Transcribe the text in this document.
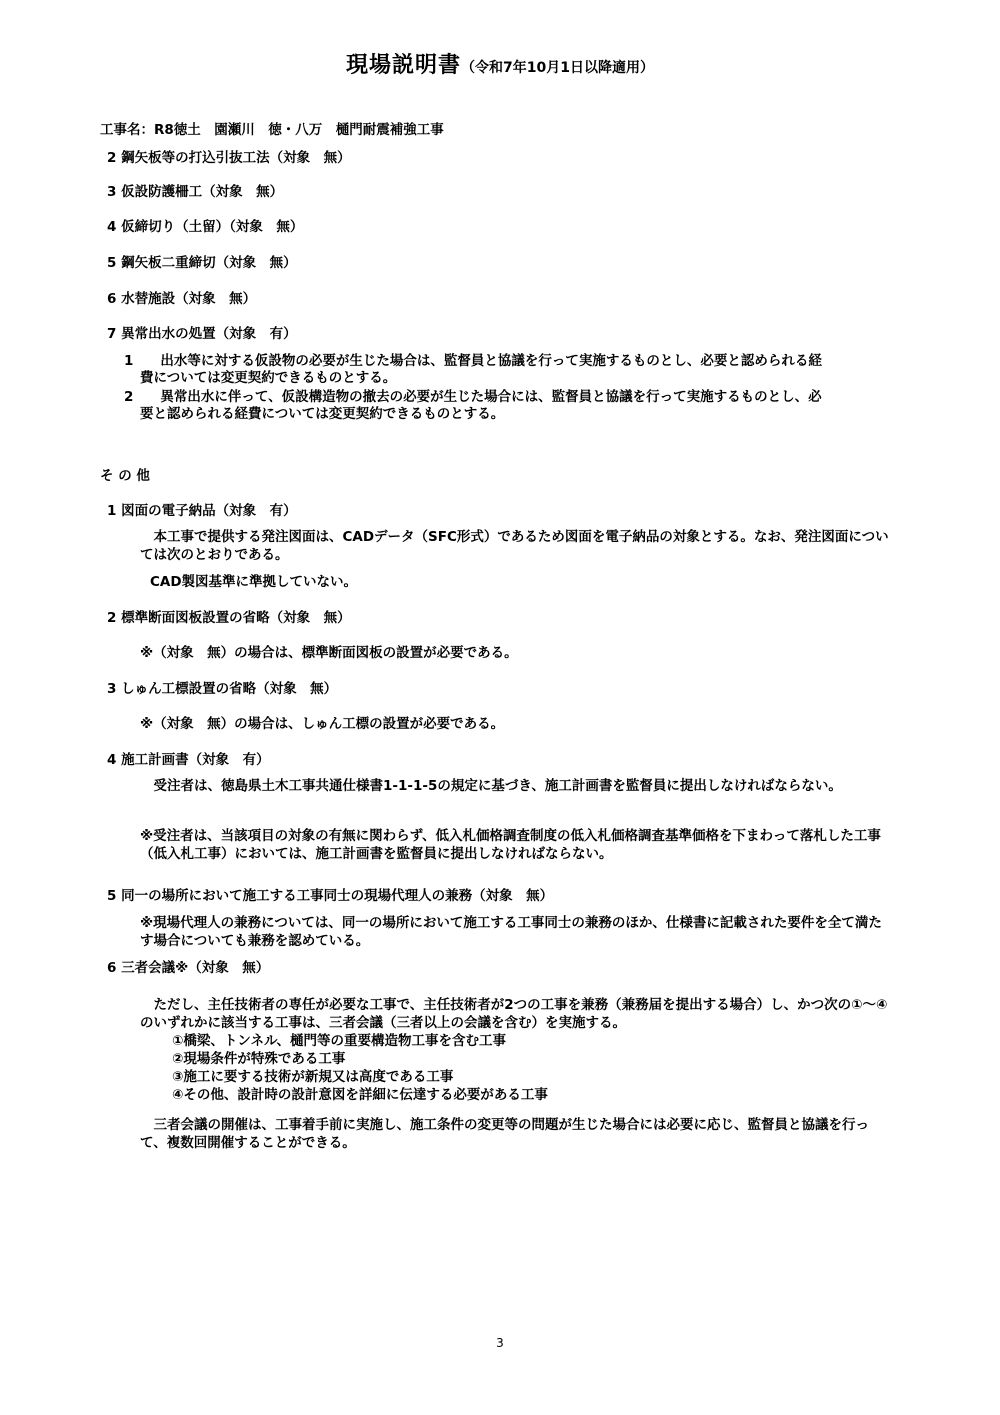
現場説明書（令和7年10月1日以降適用）
工事名：R8徳土　園瀬川　徳・八万　樋門耐震補強工事
2 鋼矢板等の打込引抜工法（対象　無）
3 仮設防護柵工（対象　無）
4 仮締切り（土留）（対象　無）
5 鋼矢板二重締切（対象　無）
6 水替施設（対象　無）
7 異常出水の処置（対象　有）
1　　出水等に対する仮設物の必要が生じた場合は、監督員と協議を行って実施するものとし、必要と認められる経
費については変更契約できるものとする。
2　　異常出水に伴って、仮設構造物の撤去の必要が生じた場合には、監督員と協議を行って実施するものとし、必
要と認められる経費については変更契約できるものとする。
そ の 他
1 図面の電子納品（対象　有）
　本工事で提供する発注図面は、CADデータ（SFC形式）であるため図面を電子納品の対象とする。なお、発注図面については次のとおりである。
CAD製図基準に準拠していない。
2 標準断面図板設置の省略（対象　無）
※（対象　無）の場合は、標準断面図板の設置が必要である。
3 しゅん工標設置の省略（対象　無）
※（対象　無）の場合は、しゅん工標の設置が必要である。
4 施工計画書（対象　有）
　受注者は、徳島県土木工事共通仕様書1-1-1-5の規定に基づき、施工計画書を監督員に提出しなければならない。
※受注者は、当該項目の対象の有無に関わらず、低入札価格調査制度の低入札価格調査基準価格を下まわって落札した工事（低入札工事）においては、施工計画書を監督員に提出しなければならない。
5 同一の場所において施工する工事同士の現場代理人の兼務（対象　無）
※現場代理人の兼務については、同一の場所において施工する工事同士の兼務のほか、仕様書に記載された要件を全て満たす場合についても兼務を認めている。
6 三者会議※（対象　無）
　ただし、主任技術者の専任が必要な工事で、主任技術者が2つの工事を兼務（兼務届を提出する場合）し、かつ次の①～④のいずれかに該当する工事は、三者会議（三者以上の会議を含む）を実施する。
①橋梁、トンネル、樋門等の重要構造物工事を含む工事
②現場条件が特殊である工事
③施工に要する技術が新規又は高度である工事
④その他、設計時の設計意図を詳細に伝達する必要がある工事
　三者会議の開催は、工事着手前に実施し、施工条件の変更等の問題が生じた場合には必要に応じ、監督員と協議を行って、複数回開催することができる。
3
